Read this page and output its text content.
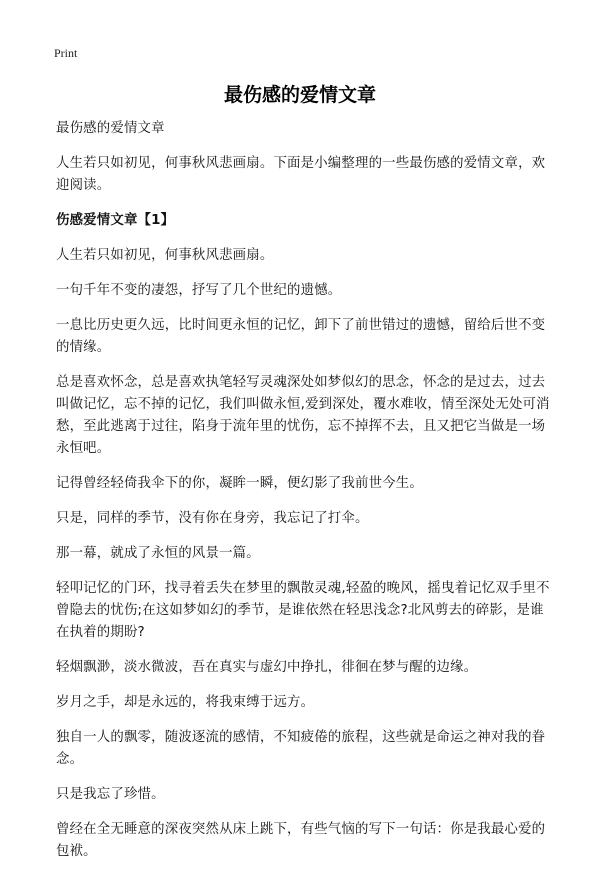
Print
最伤感的爱情文章

最伤感的爱情文章

人生若只如初见，何事秋风悲画扇。下面是小编整理的一些最伤感的爱情文章，欢迎阅读。

伤感爱情文章【1】

人生若只如初见，何事秋风悲画扇。

一句千年不变的凄怨，抒写了几个世纪的遗憾。

一息比历史更久远，比时间更永恒的记忆，卸下了前世错过的遗憾，留给后世不变的情缘。

总是喜欢怀念，总是喜欢执笔轻写灵魂深处如梦似幻的思念，怀念的是过去，过去叫做记忆，忘不掉的记忆，我们叫做永恒,爱到深处，覆水难收，情至深处无处可消愁，至此逃离于过往，陷身于流年里的忧伤，忘不掉挥不去，且又把它当做是一场永恒吧。

记得曾经轻倚我伞下的你，凝眸一瞬，便幻影了我前世今生。

只是，同样的季节，没有你在身旁，我忘记了打伞。

那一幕，就成了永恒的风景一篇。

轻叩记忆的门环，找寻着丢失在梦里的飘散灵魂,轻盈的晚风，摇曳着记忆双手里不曾隐去的忧伤;在这如梦如幻的季节，是谁依然在轻思浅念?北风剪去的碎影，是谁在执着的期盼?

轻烟飘渺，淡水微波，吾在真实与虚幻中挣扎，徘徊在梦与醒的边缘。

岁月之手，却是永远的，将我束缚于远方。

独自一人的飘零，随波逐流的感情，不知疲倦的旅程，这些就是命运之神对我的眷念。

只是我忘了珍惜。

曾经在全无睡意的深夜突然从床上跳下，有些气恼的写下一句话：你是我最心爱的包袱。
